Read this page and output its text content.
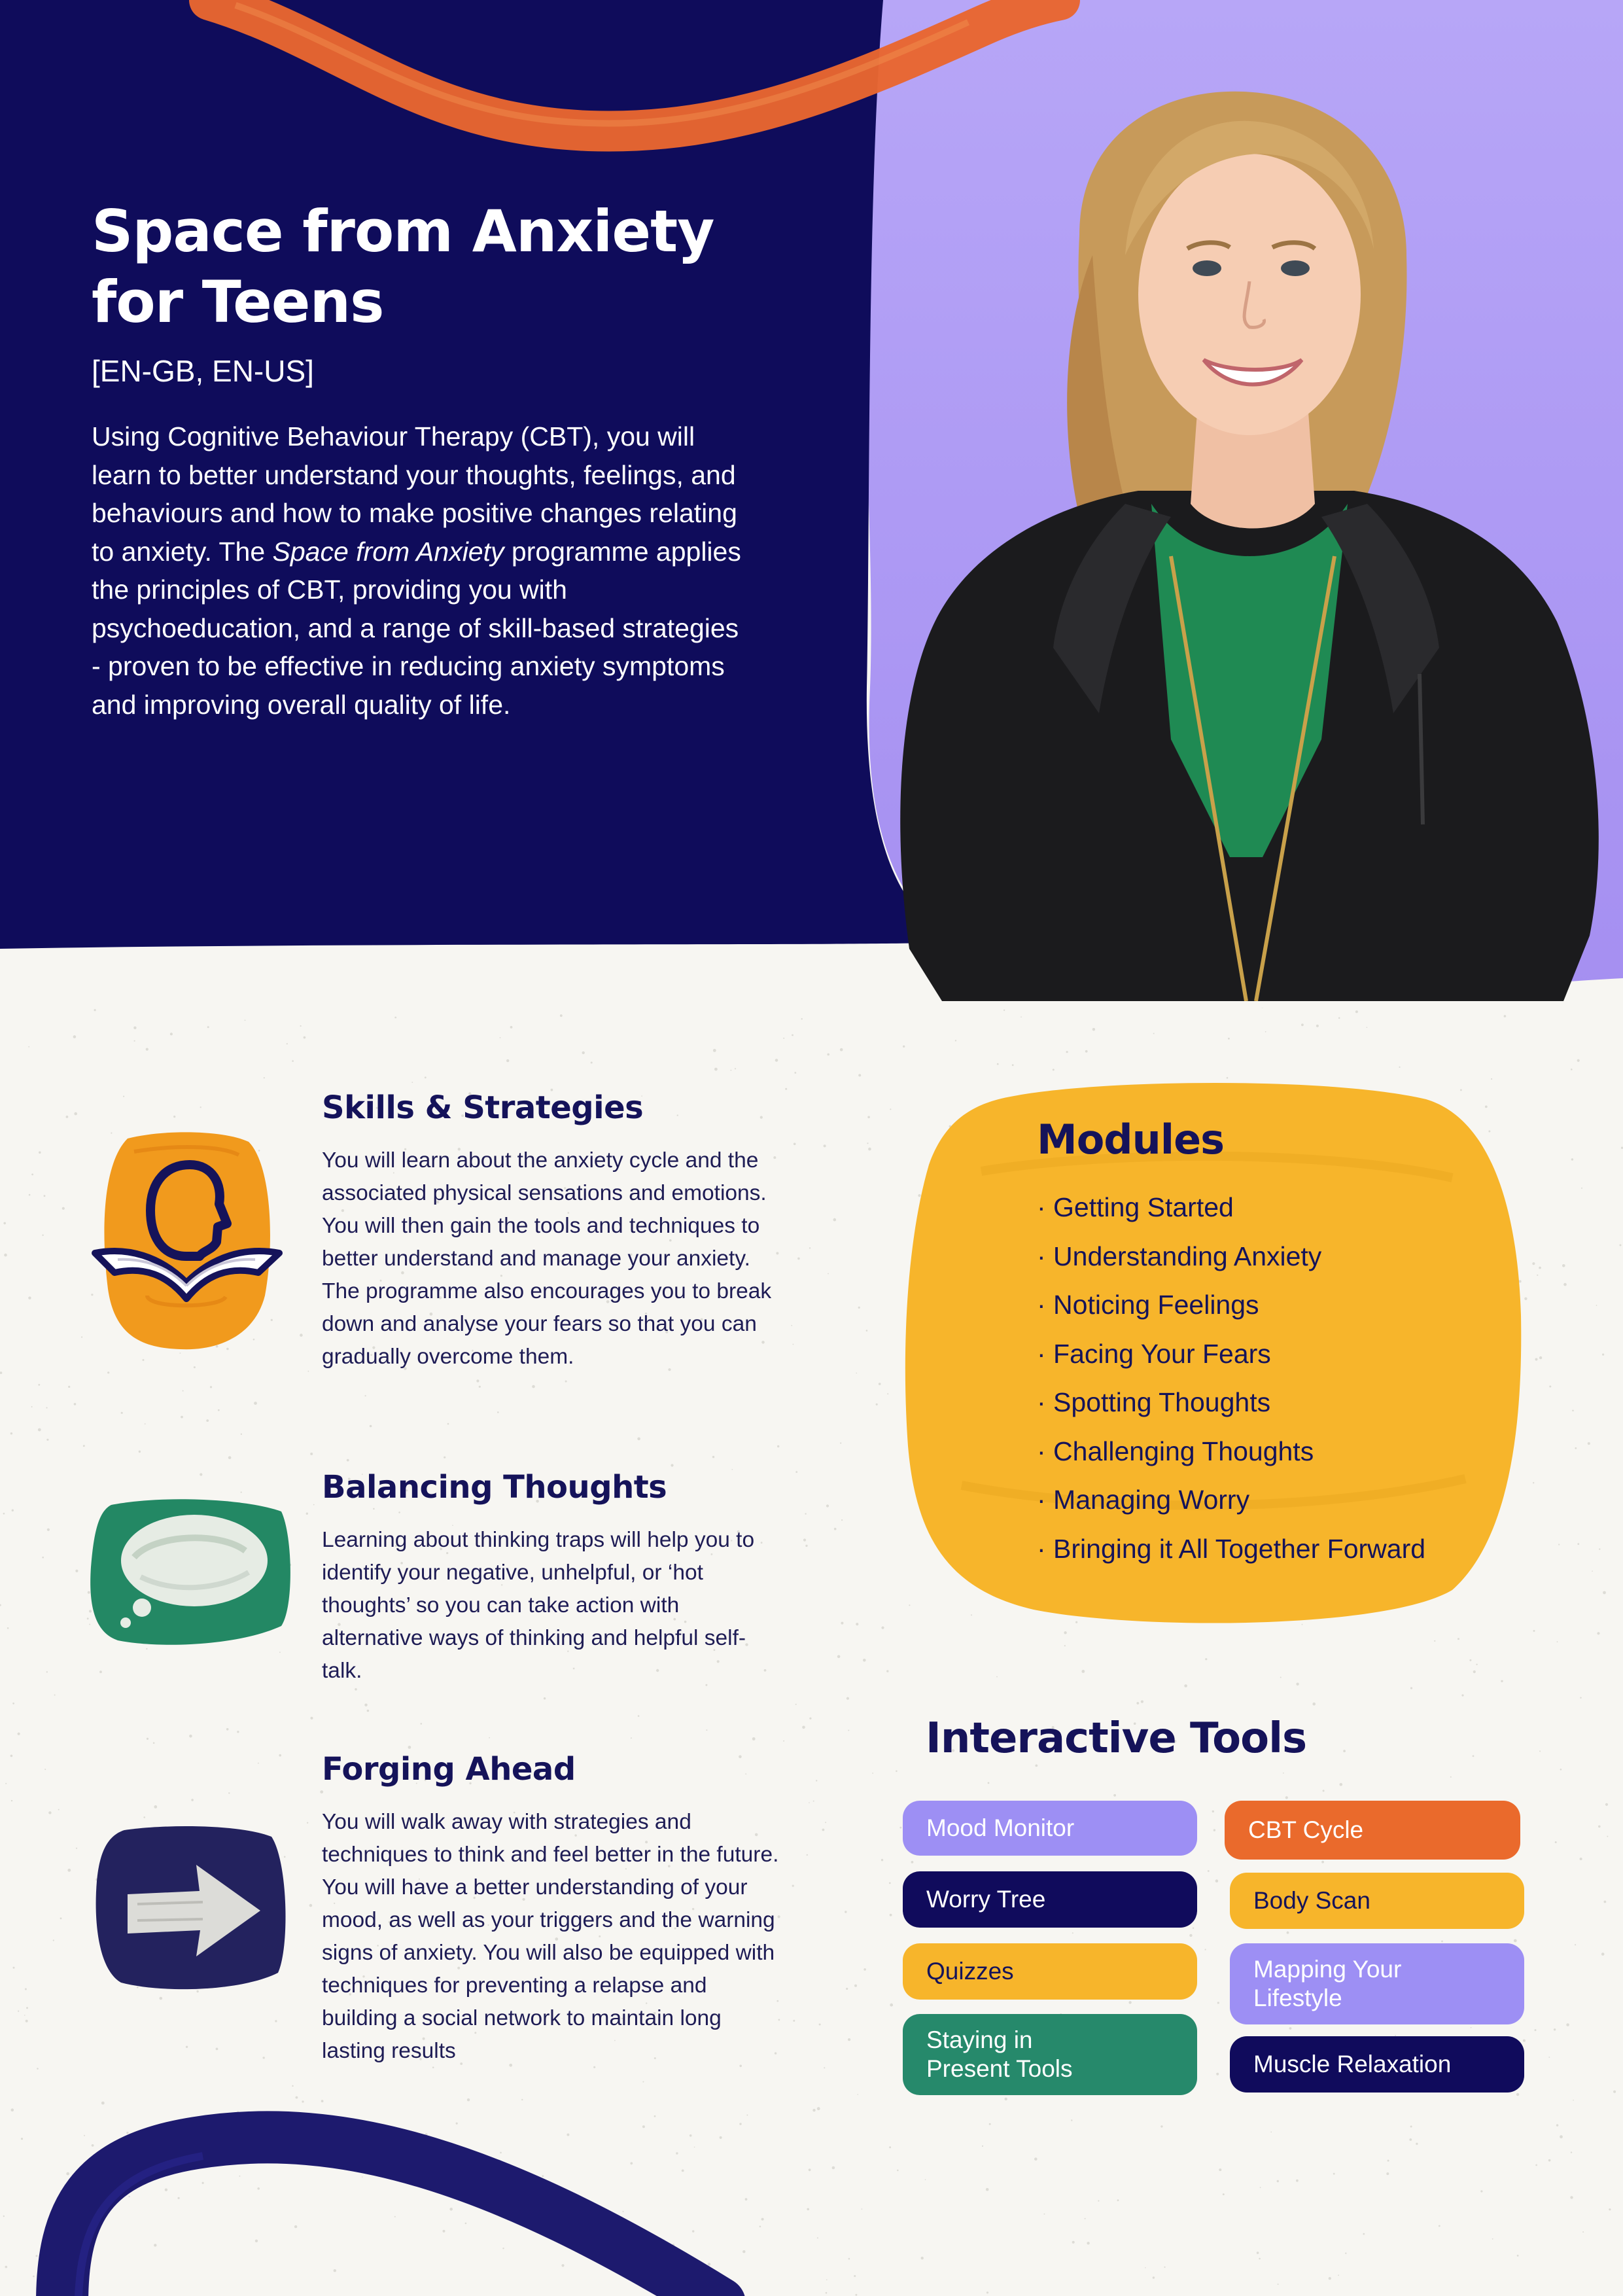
Space from Anxiety
for Teens
[EN-GB, EN-US]

Using Cognitive Behaviour Therapy (CBT), you will learn to better understand your thoughts, feelings, and behaviours and how to make positive changes relating to anxiety. The Space from Anxiety programme applies the principles of CBT, providing you with psychoeducation, and a range of skill-based strategies - proven to be effective in reducing anxiety symptoms and improving overall quality of life.

Skills & Strategies

You will learn about the anxiety cycle and the associated physical sensations and emotions. You will then gain the tools and techniques to better understand and manage your anxiety. The programme also encourages you to break down and analyse your fears so that you can gradually overcome them.

Balancing Thoughts

Learning about thinking traps will help you to identify your negative, unhelpful, or ‘hot thoughts’ so you can take action with alternative ways of thinking and helpful self-talk.

Forging Ahead

You will walk away with strategies and techniques to think and feel better in the future. You will have a better understanding of your mood, as well as your triggers and the warning signs of anxiety. You will also be equipped with techniques for preventing a relapse and building a social network to maintain long lasting results

Modules
· Getting Started
· Understanding Anxiety
· Noticing Feelings
· Facing Your Fears
· Spotting Thoughts
· Challenging Thoughts
· Managing Worry
· Bringing it All Together Forward
Interactive Tools
Mood Monitor
Worry Tree
Quizzes
Staying in Present Tools
CBT Cycle
Body Scan
Mapping Your Lifestyle
Muscle Relaxation
